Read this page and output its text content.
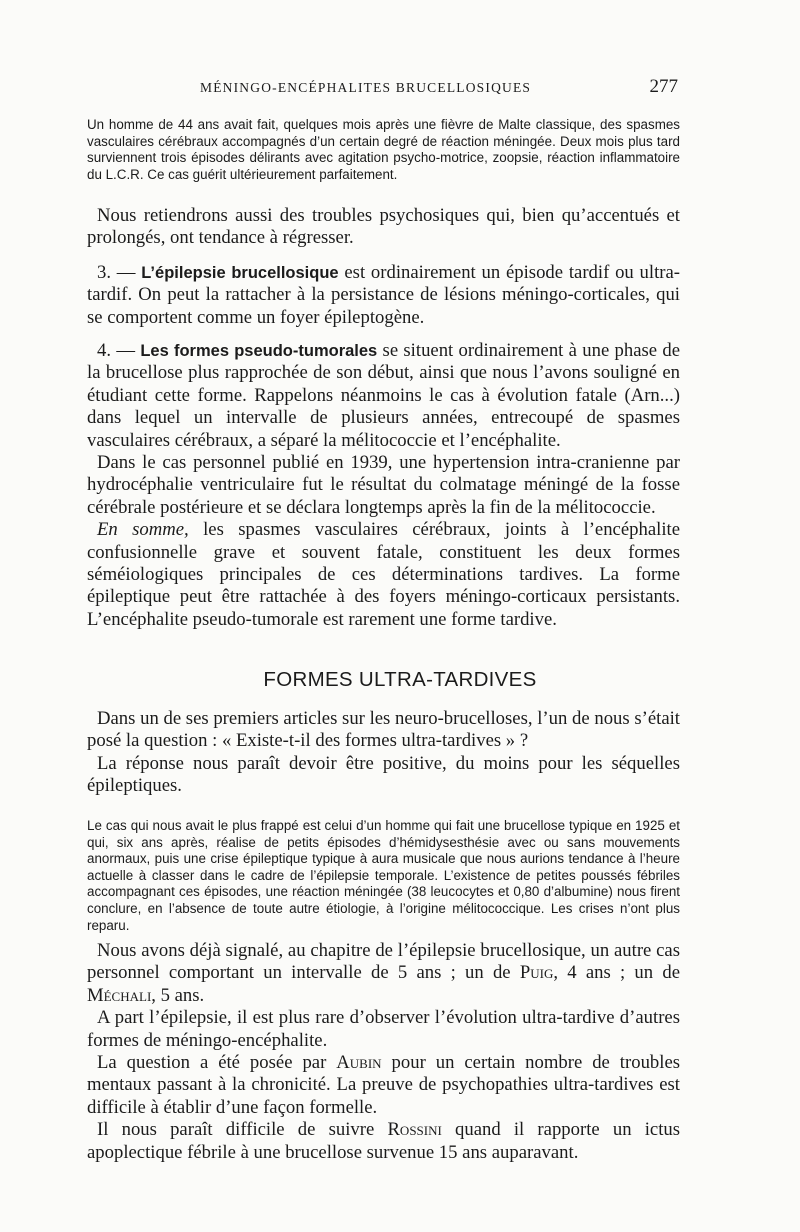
MÉNINGO-ENCÉPHALITES BRUCELLOSIQUES	277

Un homme de 44 ans avait fait, quelques mois après une fièvre de Malte classique, des spasmes vasculaires cérébraux accompagnés d’un certain degré de réaction méningée. Deux mois plus tard surviennent trois épisodes délirants avec agitation psycho-motrice, zoopsie, réaction inflammatoire du L.C.R. Ce cas guérit ultérieurement parfaitement.

Nous retiendrons aussi des troubles psychosiques qui, bien qu’accentués et prolongés, ont tendance à régresser.

3. — L’épilepsie brucellosique est ordinairement un épisode tardif ou ultra-tardif. On peut la rattacher à la persistance de lésions méningo-corticales, qui se comportent comme un foyer épileptogène.

4. — Les formes pseudo-tumorales se situent ordinairement à une phase de la brucellose plus rapprochée de son début, ainsi que nous l’avons souligné en étudiant cette forme. Rappelons néanmoins le cas à évolution fatale (Arn...) dans lequel un intervalle de plusieurs années, entrecoupé de spasmes vasculaires cérébraux, a séparé la mélitococcie et l’encéphalite.

Dans le cas personnel publié en 1939, une hypertension intra-cranienne par hydrocéphalie ventriculaire fut le résultat du colmatage méningé de la fosse cérébrale postérieure et se déclara longtemps après la fin de la mélitococcie.

En somme, les spasmes vasculaires cérébraux, joints à l’encéphalite confusionnelle grave et souvent fatale, constituent les deux formes séméiologiques principales de ces déterminations tardives. La forme épileptique peut être rattachée à des foyers méningo-corticaux persistants. L’encéphalite pseudo-tumorale est rarement une forme tardive.

FORMES ULTRA-TARDIVES

Dans un de ses premiers articles sur les neuro-brucelloses, l’un de nous s’était posé la question : « Existe-t-il des formes ultra-tardives » ?

La réponse nous paraît devoir être positive, du moins pour les séquelles épileptiques.

Le cas qui nous avait le plus frappé est celui d’un homme qui fait une brucellose typique en 1925 et qui, six ans après, réalise de petits épisodes d’hémidysesthésie avec ou sans mouvements anormaux, puis une crise épileptique typique à aura musicale que nous aurions tendance à l’heure actuelle à classer dans le cadre de l’épilepsie temporale. L’existence de petites poussés fébriles accompagnant ces épisodes, une réaction méningée (38 leucocytes et 0,80 d’albumine) nous firent conclure, en l’absence de toute autre étiologie, à l’origine mélitococcique. Les crises n’ont plus reparu.

Nous avons déjà signalé, au chapitre de l’épilepsie brucellosique, un autre cas personnel comportant un intervalle de 5 ans ; un de Puig, 4 ans ; un de Méchali, 5 ans.

A part l’épilepsie, il est plus rare d’observer l’évolution ultra-tardive d’autres formes de méningo-encéphalite.

La question a été posée par Aubin pour un certain nombre de troubles mentaux passant à la chronicité. La preuve de psychopathies ultra-tardives est difficile à établir d’une façon formelle.

Il nous paraît difficile de suivre Rossini quand il rapporte un ictus apoplectique fébrile à une brucellose survenue 15 ans auparavant.
